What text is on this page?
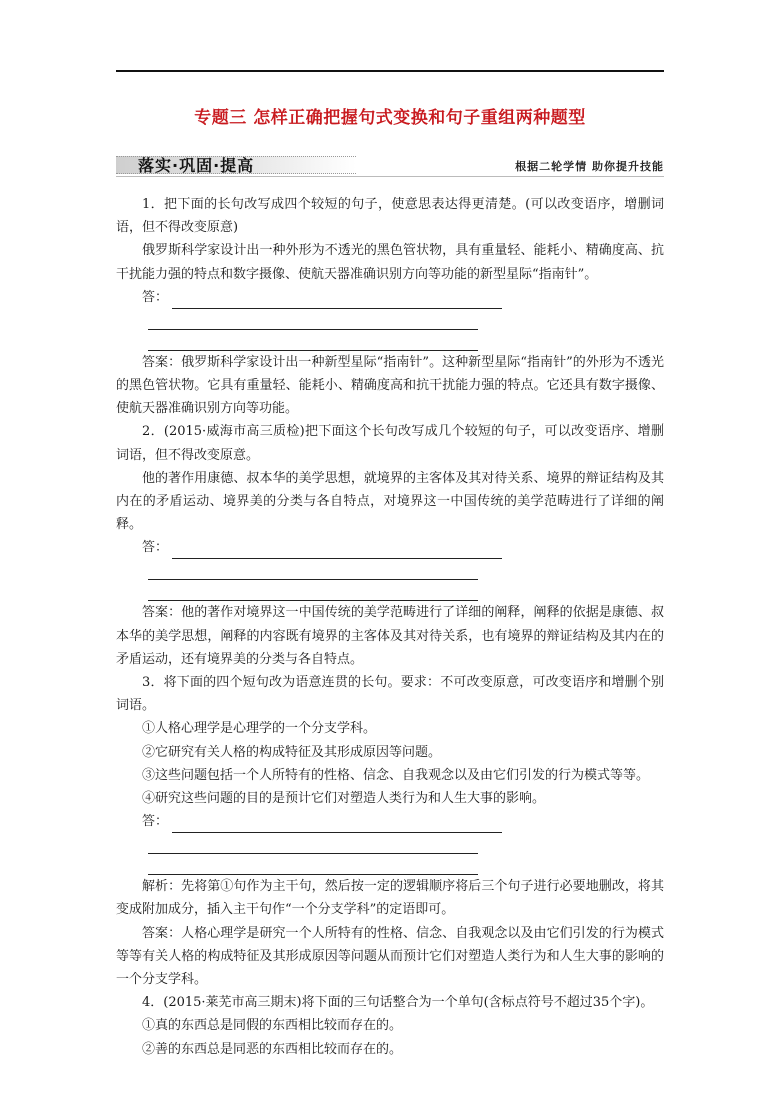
专题三 怎样正确把握句式变换和句子重组两种题型
落实·巩固·提高	根据二轮学情 助你提升技能

1．把下面的长句改写成四个较短的句子，使意思表达得更清楚。(可以改变语序，增删词语，但不得改变原意)

俄罗斯科学家设计出一种外形为不透光的黑色管状物，具有重量轻、能耗小、精确度高、抗干扰能力强的特点和数字摄像、使航天器准确识别方向等功能的新型星际“指南针”。

答：

答案：俄罗斯科学家设计出一种新型星际“指南针”。这种新型星际“指南针”的外形为不透光的黑色管状物。它具有重量轻、能耗小、精确度高和抗干扰能力强的特点。它还具有数字摄像、使航天器准确识别方向等功能。

2．(2015·威海市高三质检)把下面这个长句改写成几个较短的句子，可以改变语序、增删词语，但不得改变原意。

他的著作用康德、叔本华的美学思想，就境界的主客体及其对待关系、境界的辩证结构及其内在的矛盾运动、境界美的分类与各自特点，对境界这一中国传统的美学范畴进行了详细的阐释。

答：

答案：他的著作对境界这一中国传统的美学范畴进行了详细的阐释，阐释的依据是康德、叔本华的美学思想，阐释的内容既有境界的主客体及其对待关系，也有境界的辩证结构及其内在的矛盾运动，还有境界美的分类与各自特点。

3．将下面的四个短句改为语意连贯的长句。要求：不可改变原意，可改变语序和增删个别词语。

①人格心理学是心理学的一个分支学科。

②它研究有关人格的构成特征及其形成原因等问题。

③这些问题包括一个人所特有的性格、信念、自我观念以及由它们引发的行为模式等等。

④研究这些问题的目的是预计它们对塑造人类行为和人生大事的影响。

答：

解析：先将第①句作为主干句，然后按一定的逻辑顺序将后三个句子进行必要地删改，将其变成附加成分，插入主干句作“一个分支学科”的定语即可。

答案：人格心理学是研究一个人所特有的性格、信念、自我观念以及由它们引发的行为模式等等有关人格的构成特征及其形成原因等问题从而预计它们对塑造人类行为和人生大事的影响的一个分支学科。

4．(2015·莱芜市高三期末)将下面的三句话整合为一个单句(含标点符号不超过35个字)。

①真的东西总是同假的东西相比较而存在的。

②善的东西总是同恶的东西相比较而存在的。
